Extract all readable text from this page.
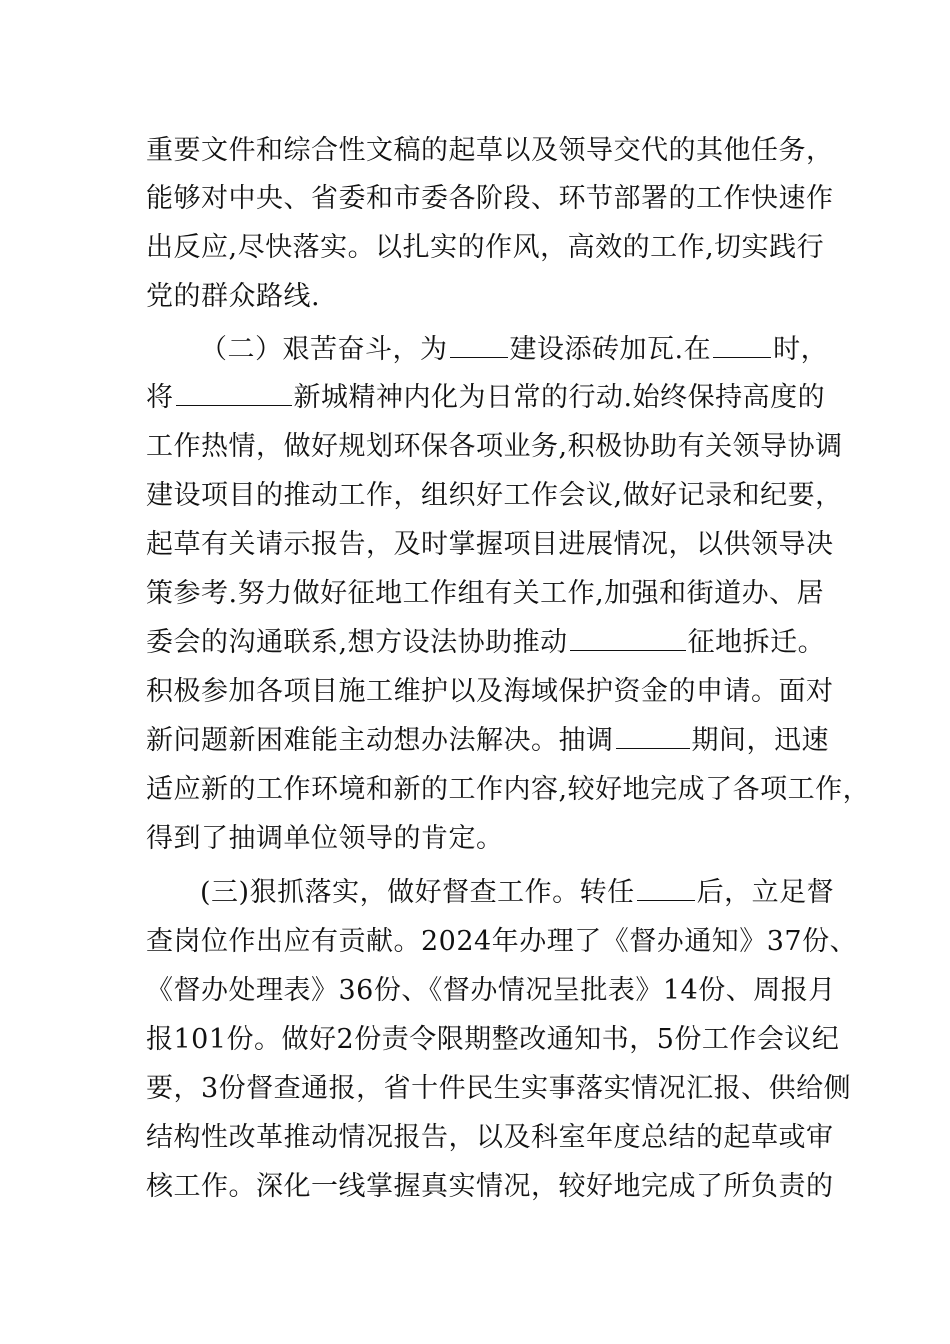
重要文件和综合性文稿的起草以及领导交代的其他任务，
能够对中央、省委和市委各阶段、环节部署的工作快速作
出反应,尽快落实。以扎实的作风，高效的工作,切实践行
党的群众路线.
（二）艰苦奋斗，为 建设添砖加瓦.在 时，
将	新城精神内化为日常的行动.始终保持高度的
工作热情，做好规划环保各项业务,积极协助有关领导协调
建设项目的推动工作，组织好工作会议,做好记录和纪要，
起草有关请示报告，及时掌握项目进展情况，以供领导决
策参考.努力做好征地工作组有关工作,加强和街道办、居
委会的沟通联系,想方设法协助推动	征地拆迁。
积极参加各项目施工维护以及海域保护资金的申请。面对
新问题新困难能主动想办法解决。抽调	期间，迅速
适应新的工作环境和新的工作内容,较好地完成了各项工作，
得到了抽调单位领导的肯定。
(三)狠抓落实，做好督查工作。转任 后，立足督
查岗位作出应有贡献。2024年办理了《督办通知》37份、
《督办处理表》36份、《督办情况呈批表》14份、周报月
报101份。做好2份责令限期整改通知书，5份工作会议纪
要，3份督查通报，省十件民生实事落实情况汇报、供给侧
结构性改革推动情况报告，以及科室年度总结的起草或审
核工作。深化一线掌握真实情况，较好地完成了所负责的
